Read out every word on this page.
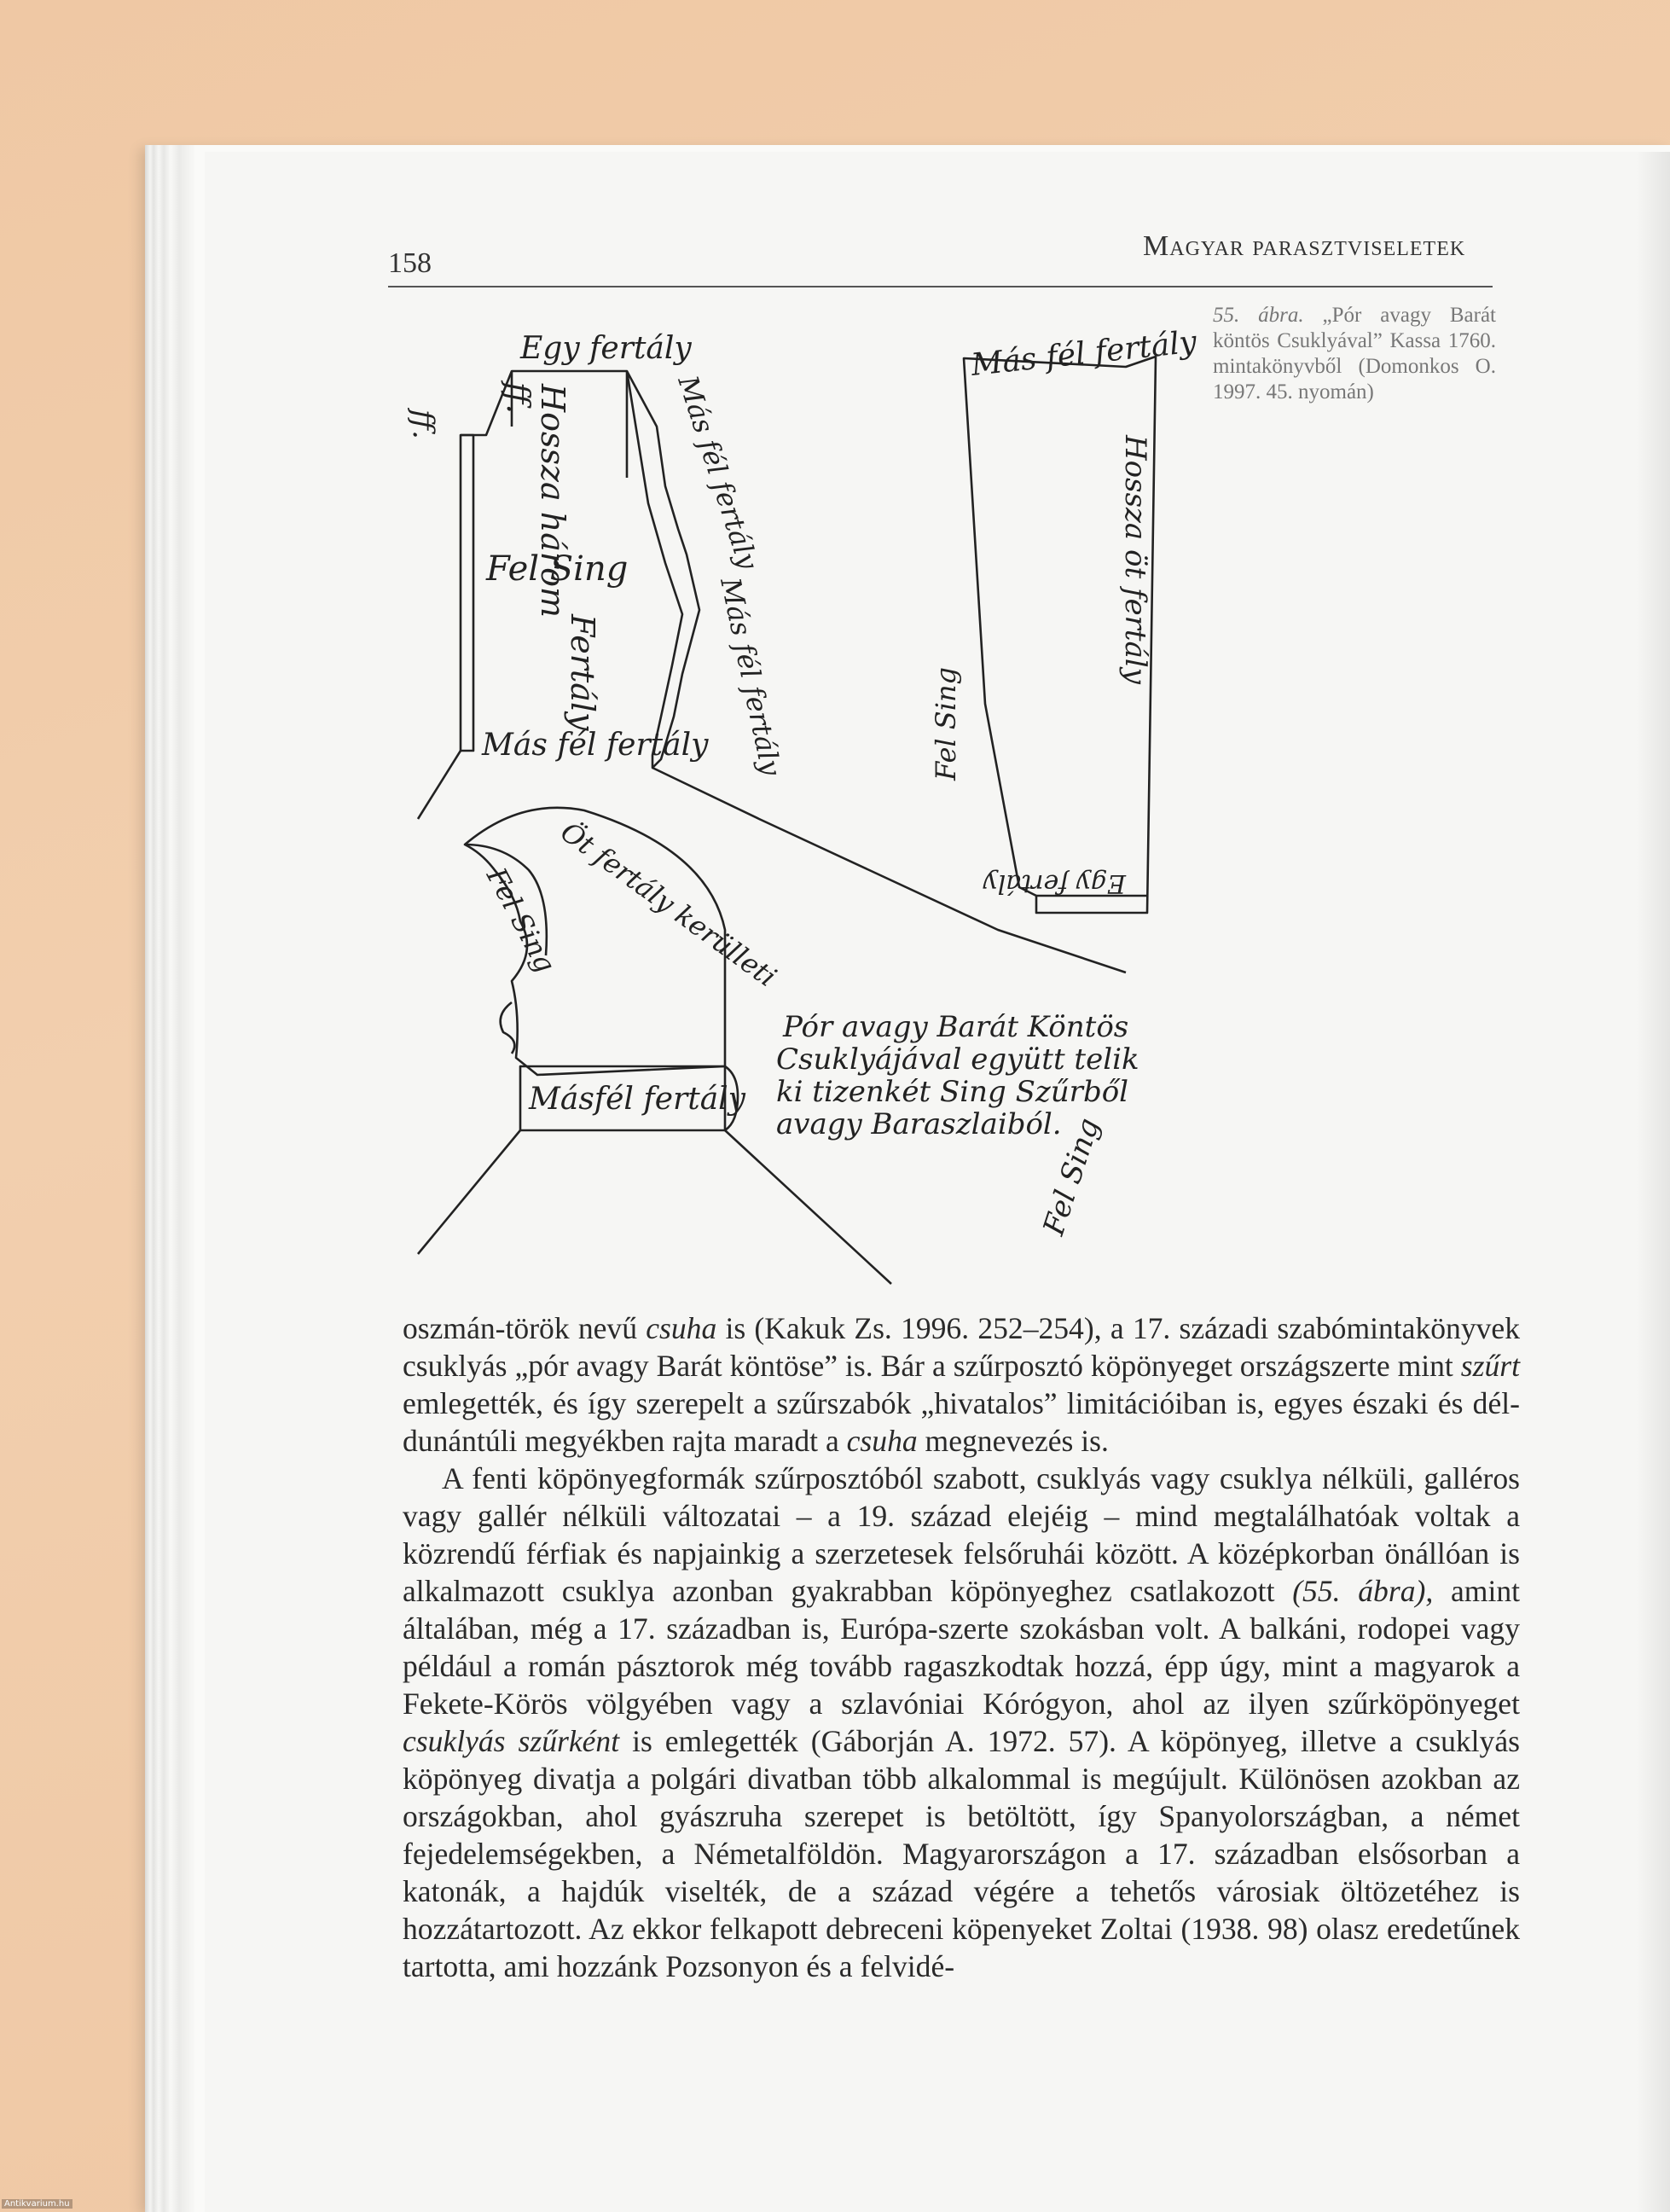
158
Magyar parasztviseletek
55. ábra. „Pór avagy Barát köntös Csuklyával” Kassa 1760. mintakönyvből (Domonkos O. 1997. 45. nyomán)
Egy fertály
ff.
ff. Hossza három
Fel Sing
Fertály
Más fél fertály
Más fél fertály
Más fél fertály
Más fél fertály
Hossza öt fertály
Fel Sing
Egy fertály
Öt fertály kerülleti
Fel Sing
Másfél fertály
Pór avagy Barát Köntös
Csuklyájával együtt telik
ki tizenkét Sing Szűrből
avagy Baraszlaiból.
Fel Sing

oszmán-török nevű csuha is (Kakuk Zs. 1996. 252–254), a 17. századi szabómintakönyvek csuklyás „pór avagy Barát köntöse” is. Bár a szűrposztó köpönyeget országszerte mint szűrt emlegették, és így szerepelt a szűrszabók „hivatalos” limitációiban is, egyes északi és dél-dunántúli megyékben rajta maradt a csuha megnevezés is.

A fenti köpönyegformák szűrposztóból szabott, csuklyás vagy csuklya nélküli, galléros vagy gallér nélküli változatai – a 19. század elejéig – mind megtalálhatóak voltak a közrendű férfiak és napjainkig a szerzetesek felsőruhái között. A középkorban önállóan is alkalmazott csuklya azonban gyakrabban köpönyeghez csatlakozott (55. ábra), amint általában, még a 17. században is, Európa-szerte szokásban volt. A balkáni, rodopei vagy például a román pásztorok még tovább ragaszkodtak hozzá, épp úgy, mint a magyarok a Fekete-Körös völgyében vagy a szlavóniai Kórógyon, ahol az ilyen szűrköpönyeget csuklyás szűrként is emlegették (Gáborján A. 1972. 57). A köpönyeg, illetve a csuklyás köpönyeg divatja a polgári divatban több alkalommal is megújult. Különösen azokban az országokban, ahol gyászruha szerepet is betöltött, így Spanyolországban, a német fejedelemségekben, a Németalföldön. Magyarországon a 17. században elsősorban a katonák, a hajdúk viselték, de a század végére a tehetős városiak öltözetéhez is hozzátartozott. Az ekkor felkapott debreceni köpenyeket Zoltai (1938. 98) olasz eredetűnek tartotta, ami hozzánk Pozsonyon és a felvidé-

Antikvarium.hu
